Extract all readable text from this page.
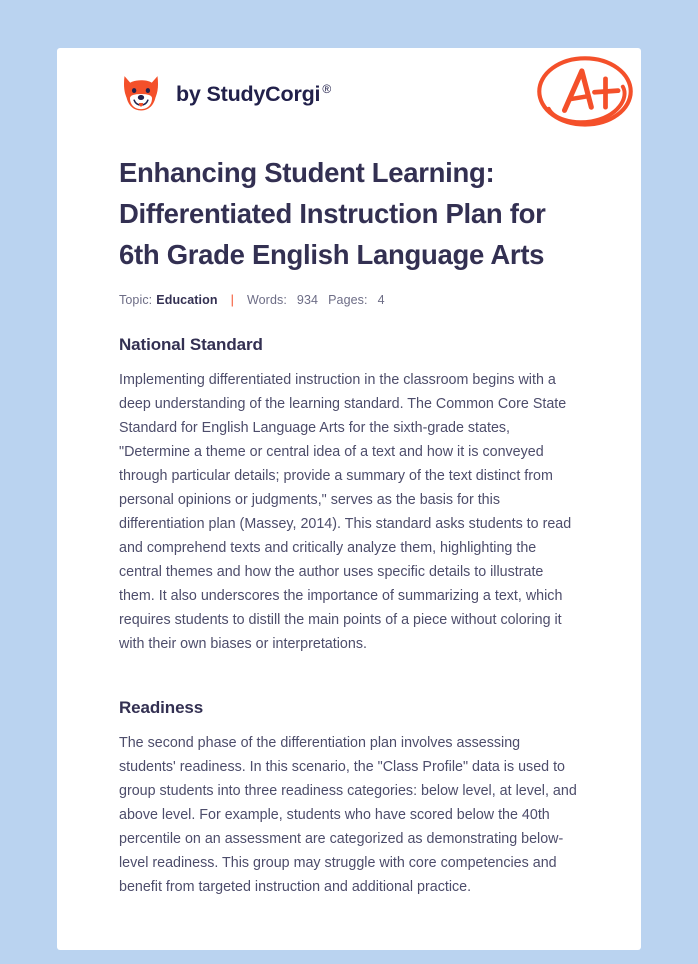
by StudyCorgi ®
Enhancing Student Learning: Differentiated Instruction Plan for 6th Grade English Language Arts
Topic: Education | Words: 934 Pages: 4
National Standard

Implementing differentiated instruction in the classroom begins with a deep understanding of the learning standard. The Common Core State Standard for English Language Arts for the sixth-grade states, "Determine a theme or central idea of a text and how it is conveyed through particular details; provide a summary of the text distinct from personal opinions or judgments," serves as the basis for this differentiation plan (Massey, 2014). This standard asks students to read and comprehend texts and critically analyze them, highlighting the central themes and how the author uses specific details to illustrate them. It also underscores the importance of summarizing a text, which requires students to distill the main points of a piece without coloring it with their own biases or interpretations.

Readiness

The second phase of the differentiation plan involves assessing students' readiness. In this scenario, the "Class Profile" data is used to group students into three readiness categories: below level, at level, and above level. For example, students who have scored below the 40th percentile on an assessment are categorized as demonstrating below-level readiness. This group may struggle with core competencies and benefit from targeted instruction and additional practice.
